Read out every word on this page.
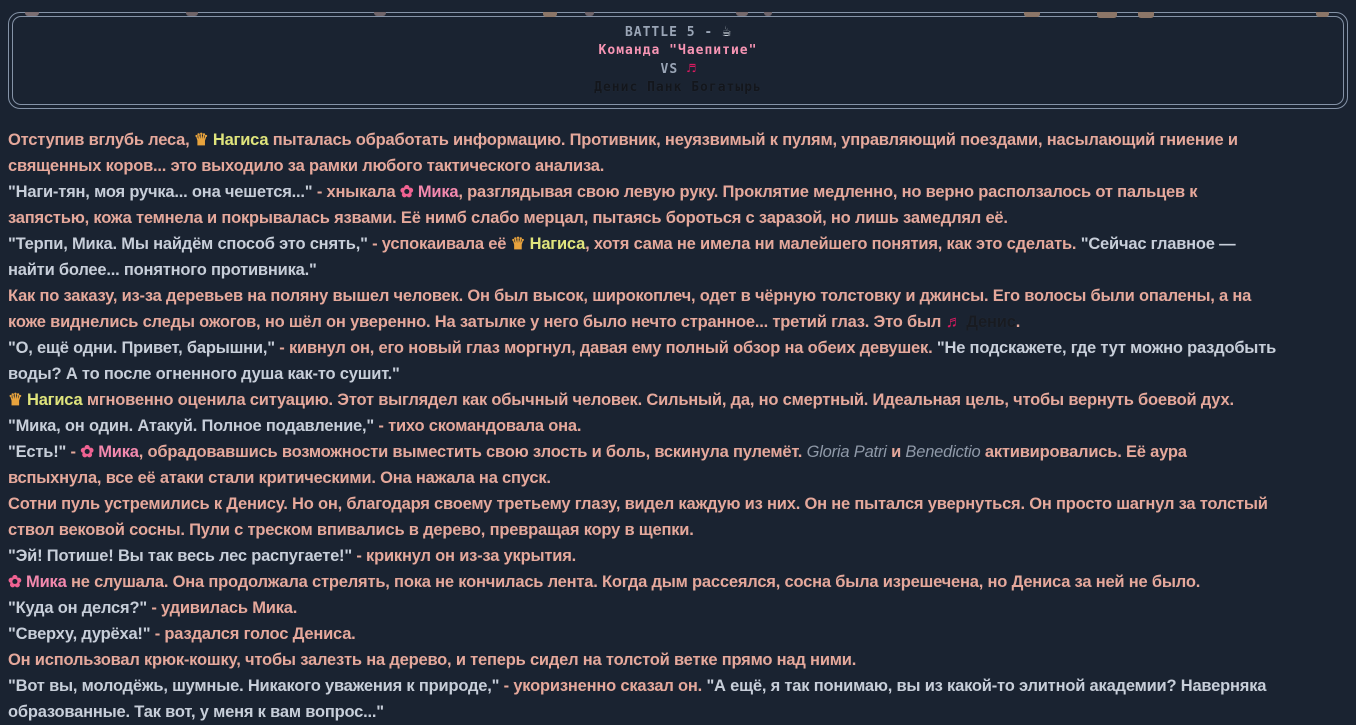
BATTLE 5 - ☕
Команда "Чаепитие"
VS ♬
Денис Панк Богатырь
Отступив вглубь леса, ♛ Нагиса пыталась обработать информацию. Противник, неуязвимый к пулям, управляющий поездами, насылающий гниение и
священных коров... это выходило за рамки любого тактического анализа.
"Наги-тян, моя ручка... она чешется..." - хныкала ✿ Мика, разглядывая свою левую руку. Проклятие медленно, но верно расползалось от пальцев к
запястью, кожа темнела и покрывалась язвами. Её нимб слабо мерцал, пытаясь бороться с заразой, но лишь замедлял её.
"Терпи, Мика. Мы найдём способ это снять," - успокаивала её ♛ Нагиса, хотя сама не имела ни малейшего понятия, как это сделать. "Сейчас главное —
найти более... понятного противника."
Как по заказу, из-за деревьев на поляну вышел человек. Он был высок, широкоплеч, одет в чёрную толстовку и джинсы. Его волосы были опалены, а на
коже виднелись следы ожогов, но шёл он уверенно. На затылке у него было нечто странное... третий глаз. Это был ♬ Денис.
"О, ещё одни. Привет, барышни," - кивнул он, его новый глаз моргнул, давая ему полный обзор на обеих девушек. "Не подскажете, где тут можно раздобыть
воды? А то после огненного душа как-то сушит."
♛ Нагиса мгновенно оценила ситуацию. Этот выглядел как обычный человек. Сильный, да, но смертный. Идеальная цель, чтобы вернуть боевой дух.
"Мика, он один. Атакуй. Полное подавление," - тихо скомандовала она.
"Есть!" - ✿ Мика, обрадовавшись возможности выместить свою злость и боль, вскинула пулемёт. Gloria Patri и Benedictio активировались. Её аура
вспыхнула, все её атаки стали критическими. Она нажала на спуск.
Сотни пуль устремились к Денису. Но он, благодаря своему третьему глазу, видел каждую из них. Он не пытался увернуться. Он просто шагнул за толстый
ствол вековой сосны. Пули с треском впивались в дерево, превращая кору в щепки.
"Эй! Потише! Вы так весь лес распугаете!" - крикнул он из-за укрытия.
✿ Мика не слушала. Она продолжала стрелять, пока не кончилась лента. Когда дым рассеялся, сосна была изрешечена, но Дениса за ней не было.
"Куда он делся?" - удивилась Мика.
"Сверху, дурёха!" - раздался голос Дениса.
Он использовал крюк-кошку, чтобы залезть на дерево, и теперь сидел на толстой ветке прямо над ними.
"Вот вы, молодёжь, шумные. Никакого уважения к природе," - укоризненно сказал он. "А ещё, я так понимаю, вы из какой-то элитной академии? Наверняка
образованные. Так вот, у меня к вам вопрос..."
